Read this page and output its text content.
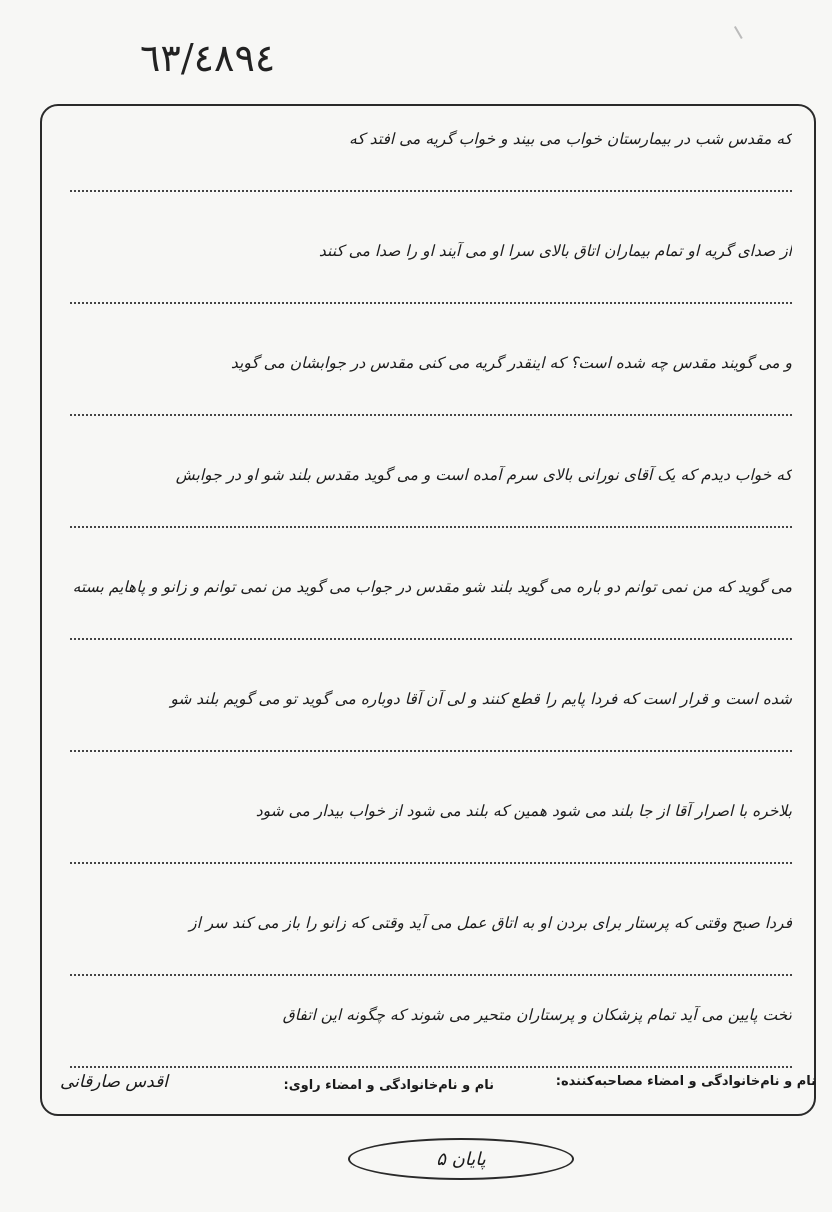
٦٣/٤٨٩٤
که مقدس شب در بیمارستان خواب می بیند و خواب گریه می افتد که
از صدای گریه او تمام بیماران اتاق بالای سرا او می آیند او را صدا می کنند
و می گویند مقدس چه شده است؟ که اینقدر گریه می کنی مقدس در جوابشان می گوید
که خواب دیدم که یک آقای نورانی بالای سرم آمده است و می گوید مقدس بلند شو او در جوابش
می گوید که من نمی توانم دو باره می گوید بلند شو مقدس در جواب می گوید من نمی توانم و زانو و پاهایم بسته
شده است و قرار است که فردا پایم را قطع کنند و لی آن آقا دوباره می گوید تو می گویم بلند شو
بلاخره با اصرار آقا از جا بلند می شود همین که بلند می شود از خواب بیدار می شود
فردا صبح وقتی که پرستار برای بردن او به اتاق عمل می آید وقتی که زانو را باز می کند سر از
تخت پایین می آید تمام پزشکان و پرستاران متحیر می شوند که چگونه این اتفاق
نام و نام‌خانوادگی و امضاء مصاحبه‌کننده:
نام و نام‌خانوادگی و امضاء راوی:
اقدس صارقانی
پایان ۵
